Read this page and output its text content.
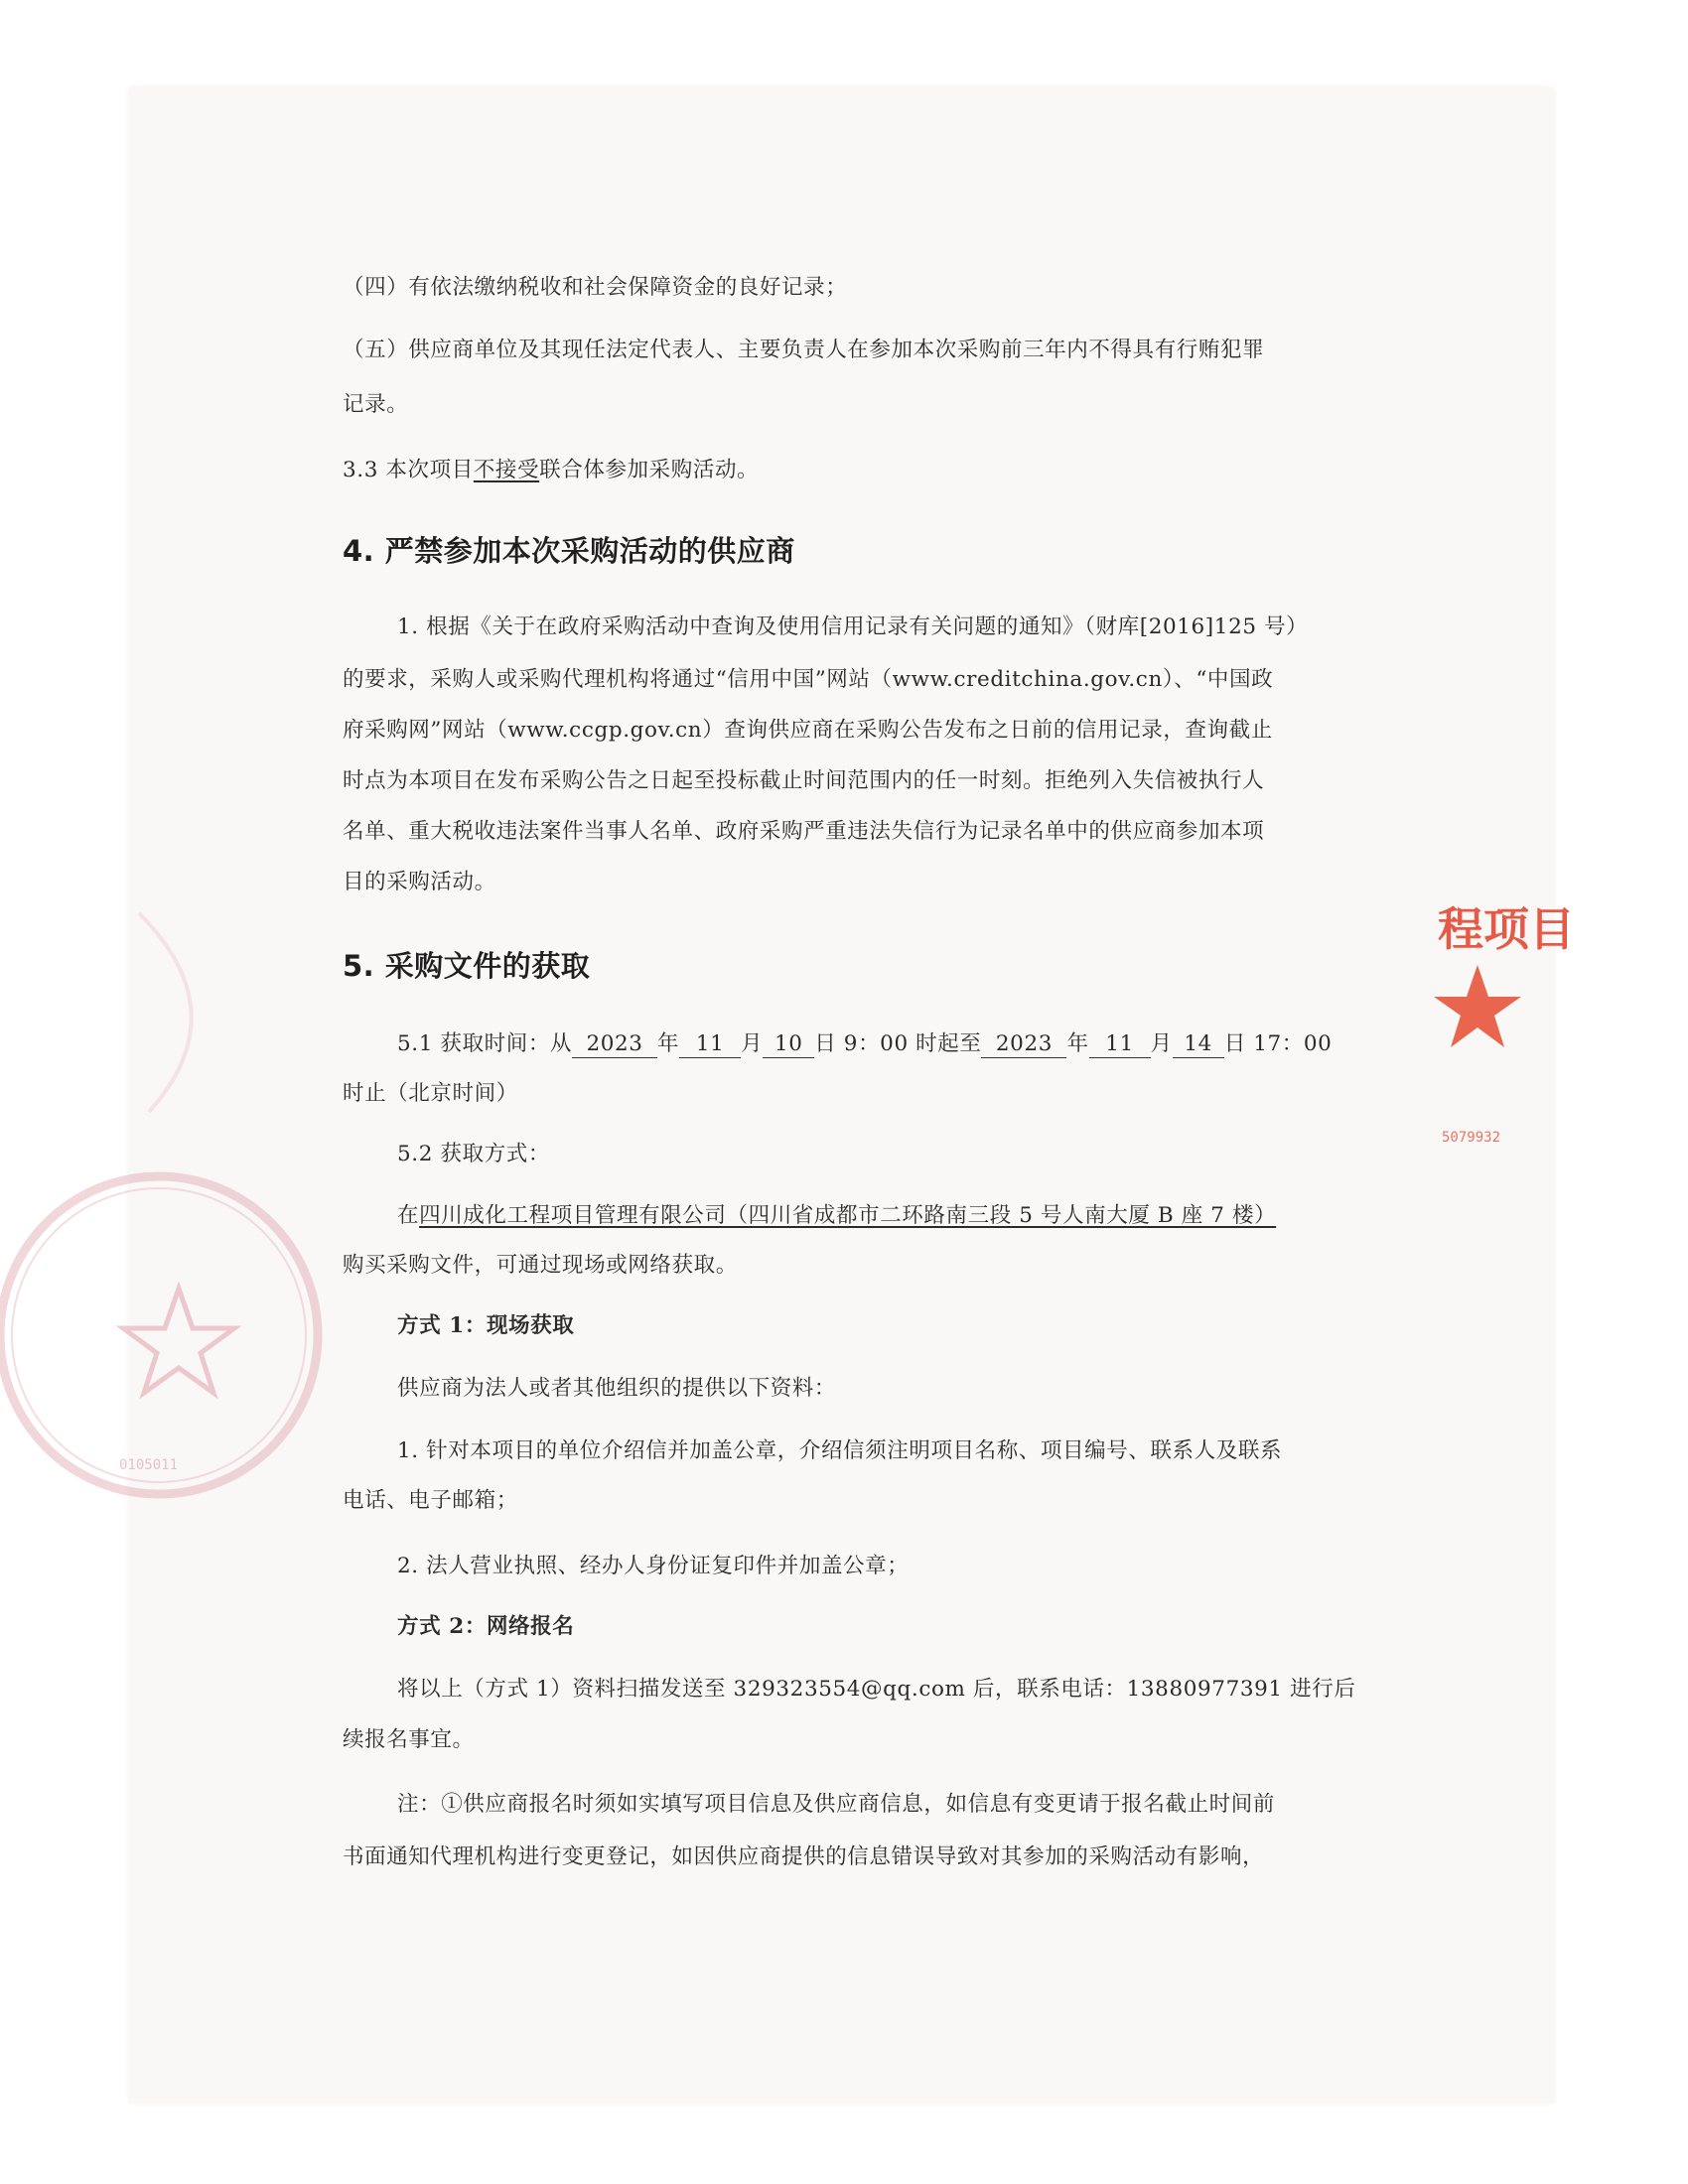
（四）有依法缴纳税收和社会保障资金的良好记录；
（五）供应商单位及其现任法定代表人、主要负责人在参加本次采购前三年内不得具有行贿犯罪
记录。
3.3 本次项目不接受联合体参加采购活动。
4. 严禁参加本次采购活动的供应商
1. 根据《关于在政府采购活动中查询及使用信用记录有关问题的通知》（财库[2016]125 号）
的要求，采购人或采购代理机构将通过“信用中国”网站（www.creditchina.gov.cn）、“中国政
府采购网”网站（www.ccgp.gov.cn）查询供应商在采购公告发布之日前的信用记录，查询截止
时点为本项目在发布采购公告之日起至投标截止时间范围内的任一时刻。拒绝列入失信被执行人
名单、重大税收违法案件当事人名单、政府采购严重违法失信行为记录名单中的供应商参加本项
目的采购活动。
5. 采购文件的获取
5.1 获取时间：从 2023 年 11 月 10 日 9：00 时起至 2023 年 11 月 14 日 17：00
时止（北京时间）
5.2 获取方式：
在四川成化工程项目管理有限公司（四川省成都市二环路南三段 5 号人南大厦 B 座 7 楼）
购买采购文件，可通过现场或网络获取。
方式 1：现场获取
供应商为法人或者其他组织的提供以下资料：
1. 针对本项目的单位介绍信并加盖公章，介绍信须注明项目名称、项目编号、联系人及联系
电话、电子邮箱；
2. 法人营业执照、经办人身份证复印件并加盖公章；
方式 2：网络报名
将以上（方式 1）资料扫描发送至 329323554@qq.com 后，联系电话：13880977391 进行后
续报名事宜。
注：①供应商报名时须如实填写项目信息及供应商信息，如信息有变更请于报名截止时间前
书面通知代理机构进行变更登记，如因供应商提供的信息错误导致对其参加的采购活动有影响，
程项目
5079932
0105011
